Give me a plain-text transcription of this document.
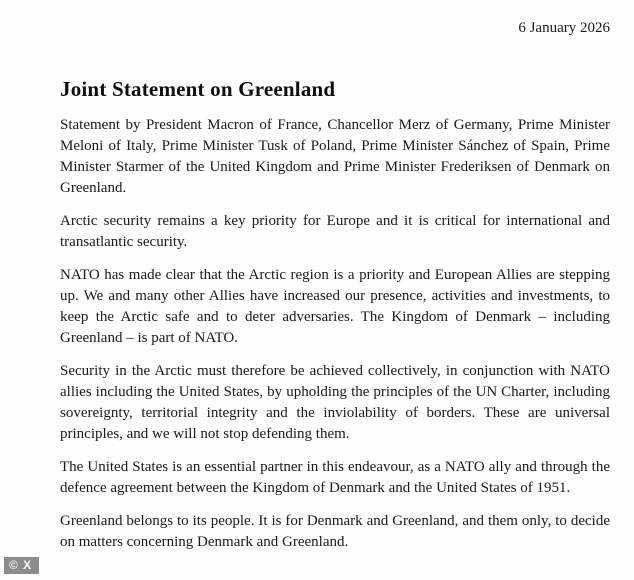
6 January 2026
Joint Statement on Greenland

Statement by President Macron of France, Chancellor Merz of Germany, Prime Minister Meloni of Italy, Prime Minister Tusk of Poland, Prime Minister Sánchez of Spain, Prime Minister Starmer of the United Kingdom and Prime Minister Frederiksen of Denmark on Greenland.

Arctic security remains a key priority for Europe and it is critical for international and transatlantic security.

NATO has made clear that the Arctic region is a priority and European Allies are stepping up. We and many other Allies have increased our presence, activities and investments, to keep the Arctic safe and to deter adversaries. The Kingdom of Denmark – including Greenland – is part of NATO.

Security in the Arctic must therefore be achieved collectively, in conjunction with NATO allies including the United States, by upholding the principles of the UN Charter, including sovereignty, territorial integrity and the inviolability of borders. These are universal principles, and we will not stop defending them.

The United States is an essential partner in this endeavour, as a NATO ally and through the defence agreement between the Kingdom of Denmark and the United States of 1951.

Greenland belongs to its people. It is for Denmark and Greenland, and them only, to decide on matters concerning Denmark and Greenland.

© X
